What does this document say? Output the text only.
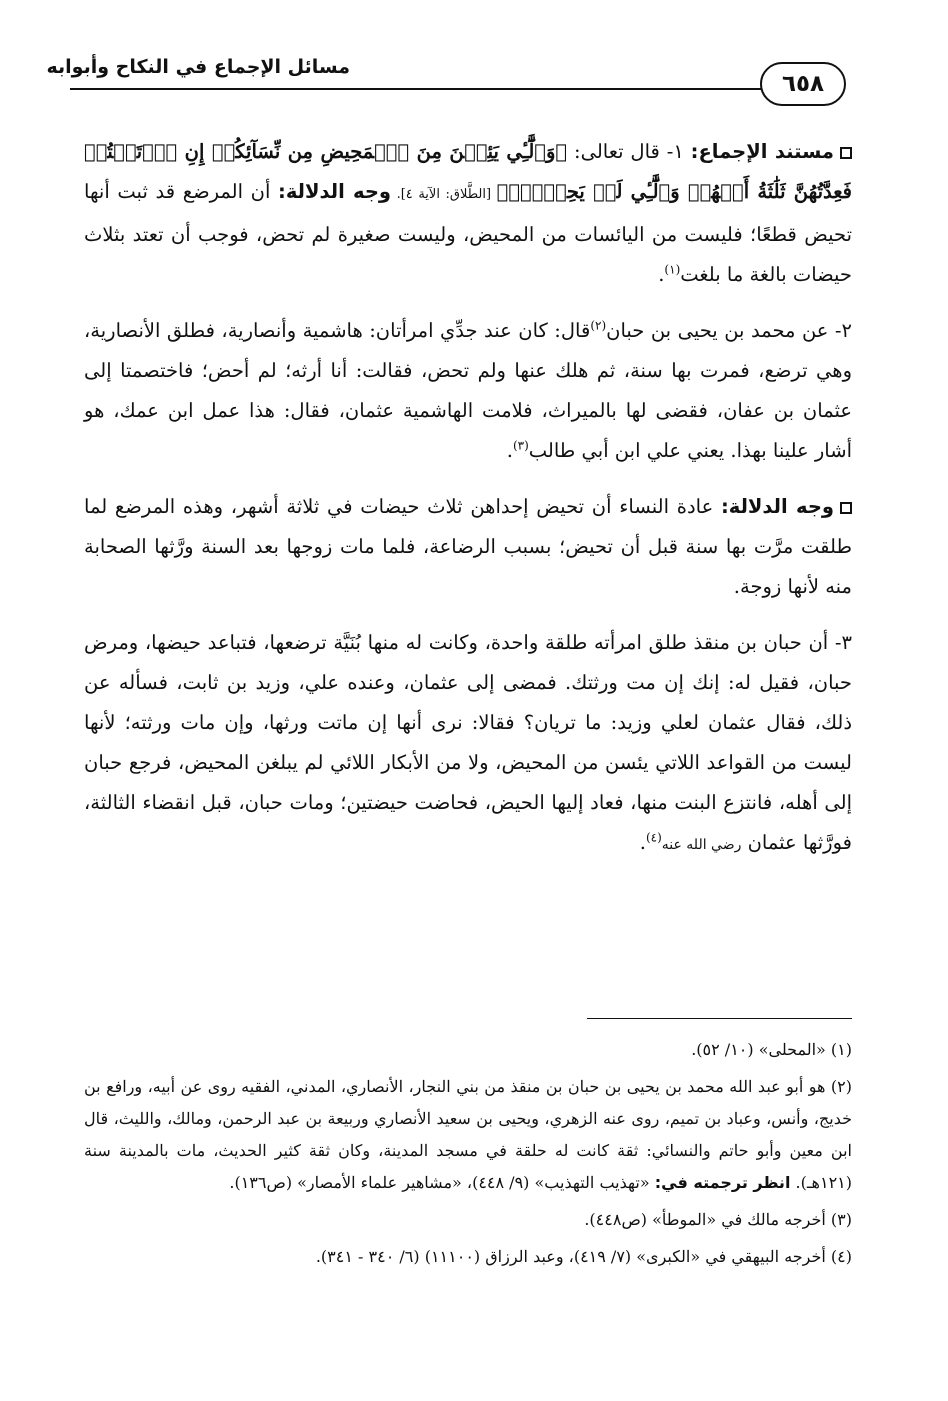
مسائل الإجماع في النكاح وأبوابه
٦٥٨

مستند الإجماع: ١- قال تعالى: ﴿وَٱلَّٰٓـِٔي يَئِسۡنَ مِنَ ٱلۡمَحِيضِ مِن نِّسَآئِكُمۡ إِنِ ٱرۡتَبۡتُمۡ فَعِدَّتُهُنَّ ثَلَٰثَةُ أَشۡهُرٖ وَٱلَّٰٓـِٔي لَمۡ يَحِضۡنَۚ﴾ [الطَّلاق: الآية ٤]. وجه الدلالة: أن المرضع قد ثبت أنها تحيض قطعًا؛ فليست من اليائسات من المحيض، وليست صغيرة لم تحض، فوجب أن تعتد بثلاث حيضات بالغة ما بلغت$^{(١)}$.

٢- عن محمد بن يحيى بن حبان$^{(٢)}$قال: كان عند جدِّي امرأتان: هاشمية وأنصارية، فطلق الأنصارية، وهي ترضع، فمرت بها سنة، ثم هلك عنها ولم تحض، فقالت: أنا أرثه؛ لم أحض؛ فاختصمتا إلى عثمان بن عفان، فقضى لها بالميراث، فلامت الهاشمية عثمان، فقال: هذا عمل ابن عمك، هو أشار علينا بهذا. يعني علي ابن أبي طالب$^{(٣)}$.

وجه الدلالة: عادة النساء أن تحيض إحداهن ثلاث حيضات في ثلاثة أشهر، وهذه المرضع لما طلقت مرَّت بها سنة قبل أن تحيض؛ بسبب الرضاعة، فلما مات زوجها بعد السنة ورَّثها الصحابة منه لأنها زوجة.

٣- أن حبان بن منقذ طلق امرأته طلقة واحدة، وكانت له منها بُنَيَّة ترضعها، فتباعد حيضها، ومرض حبان، فقيل له: إنك إن مت ورثتك. فمضى إلى عثمان، وعنده علي، وزيد بن ثابت، فسأله عن ذلك، فقال عثمان لعلي وزيد: ما تريان؟ فقالا: نرى أنها إن ماتت ورثها، وإن مات ورثته؛ لأنها ليست من القواعد اللاتي يئسن من المحيض، ولا من الأبكار اللائي لم يبلغن المحيض، فرجع حبان إلى أهله، فانتزع البنت منها، فعاد إليها الحيض، فحاضت حيضتين؛ ومات حبان، قبل انقضاء الثالثة، فورَّثها عثمان رضي الله عنه$^{(٤)}$.

(١) «المحلى» (١٠/ ٥٢).
(٢) هو أبو عبد الله محمد بن يحيى بن حبان بن منقذ من بني النجار، الأنصاري، المدني، الفقيه روى عن أبيه، ورافع بن خديج، وأنس، وعباد بن تميم، روى عنه الزهري، ويحيى بن سعيد الأنصاري وربيعة بن عبد الرحمن، ومالك، والليث، قال ابن معين وأبو حاتم والنسائي: ثقة كانت له حلقة في مسجد المدينة، وكان ثقة كثير الحديث، مات بالمدينة سنة (١٢١هـ). انظر ترجمته في: «تهذيب التهذيب» (٩/ ٤٤٨)، «مشاهير علماء الأمصار» (ص١٣٦).
(٣) أخرجه مالك في «الموطأ» (ص٤٤٨).
(٤) أخرجه البيهقي في «الكبرى» (٧/ ٤١٩)، وعبد الرزاق (١١١٠٠) (٦/ ٣٤٠ - ٣٤١).
